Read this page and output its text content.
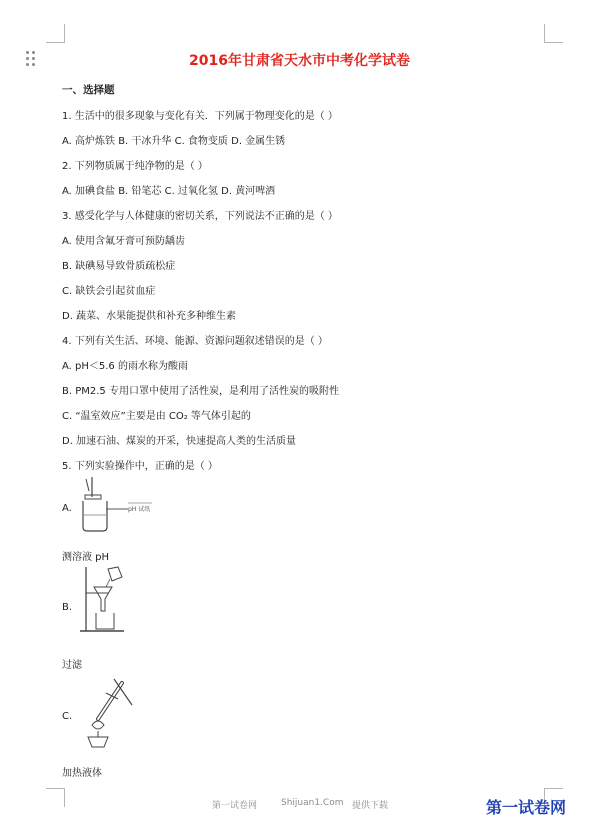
2016年甘肃省天水市中考化学试卷
一、选择题
1. 生活中的很多现象与变化有关．下列属于物理变化的是（ ）
A. 高炉炼铁 B. 干冰升华 C. 食物变质 D. 金属生锈
2. 下列物质属于纯净物的是（ ）
A. 加碘食盐 B. 铅笔芯 C. 过氧化氢 D. 黄河啤酒
3. 感受化学与人体健康的密切关系，下列说法不正确的是（ ）
A. 使用含氟牙膏可预防龋齿
B. 缺碘易导致骨质疏松症
C. 缺铁会引起贫血症
D. 蔬菜、水果能提供和补充多种维生素
4. 下列有关生活、环境、能源、资源问题叙述错误的是（ ）
A. pH＜5.6 的雨水称为酸雨
B. PM2.5 专用口罩中使用了活性炭，是利用了活性炭的吸附性
C. “温室效应”主要是由 CO₂ 等气体引起的
D. 加速石油、煤炭的开采，快速提高人类的生活质量
5. 下列实验操作中，正确的是（ ）
A.	pH 试纸
测溶液 pH
B.
过滤
C.
加热液体
第一试卷网	Shijuan1.Com 提供下载	第一试卷网
